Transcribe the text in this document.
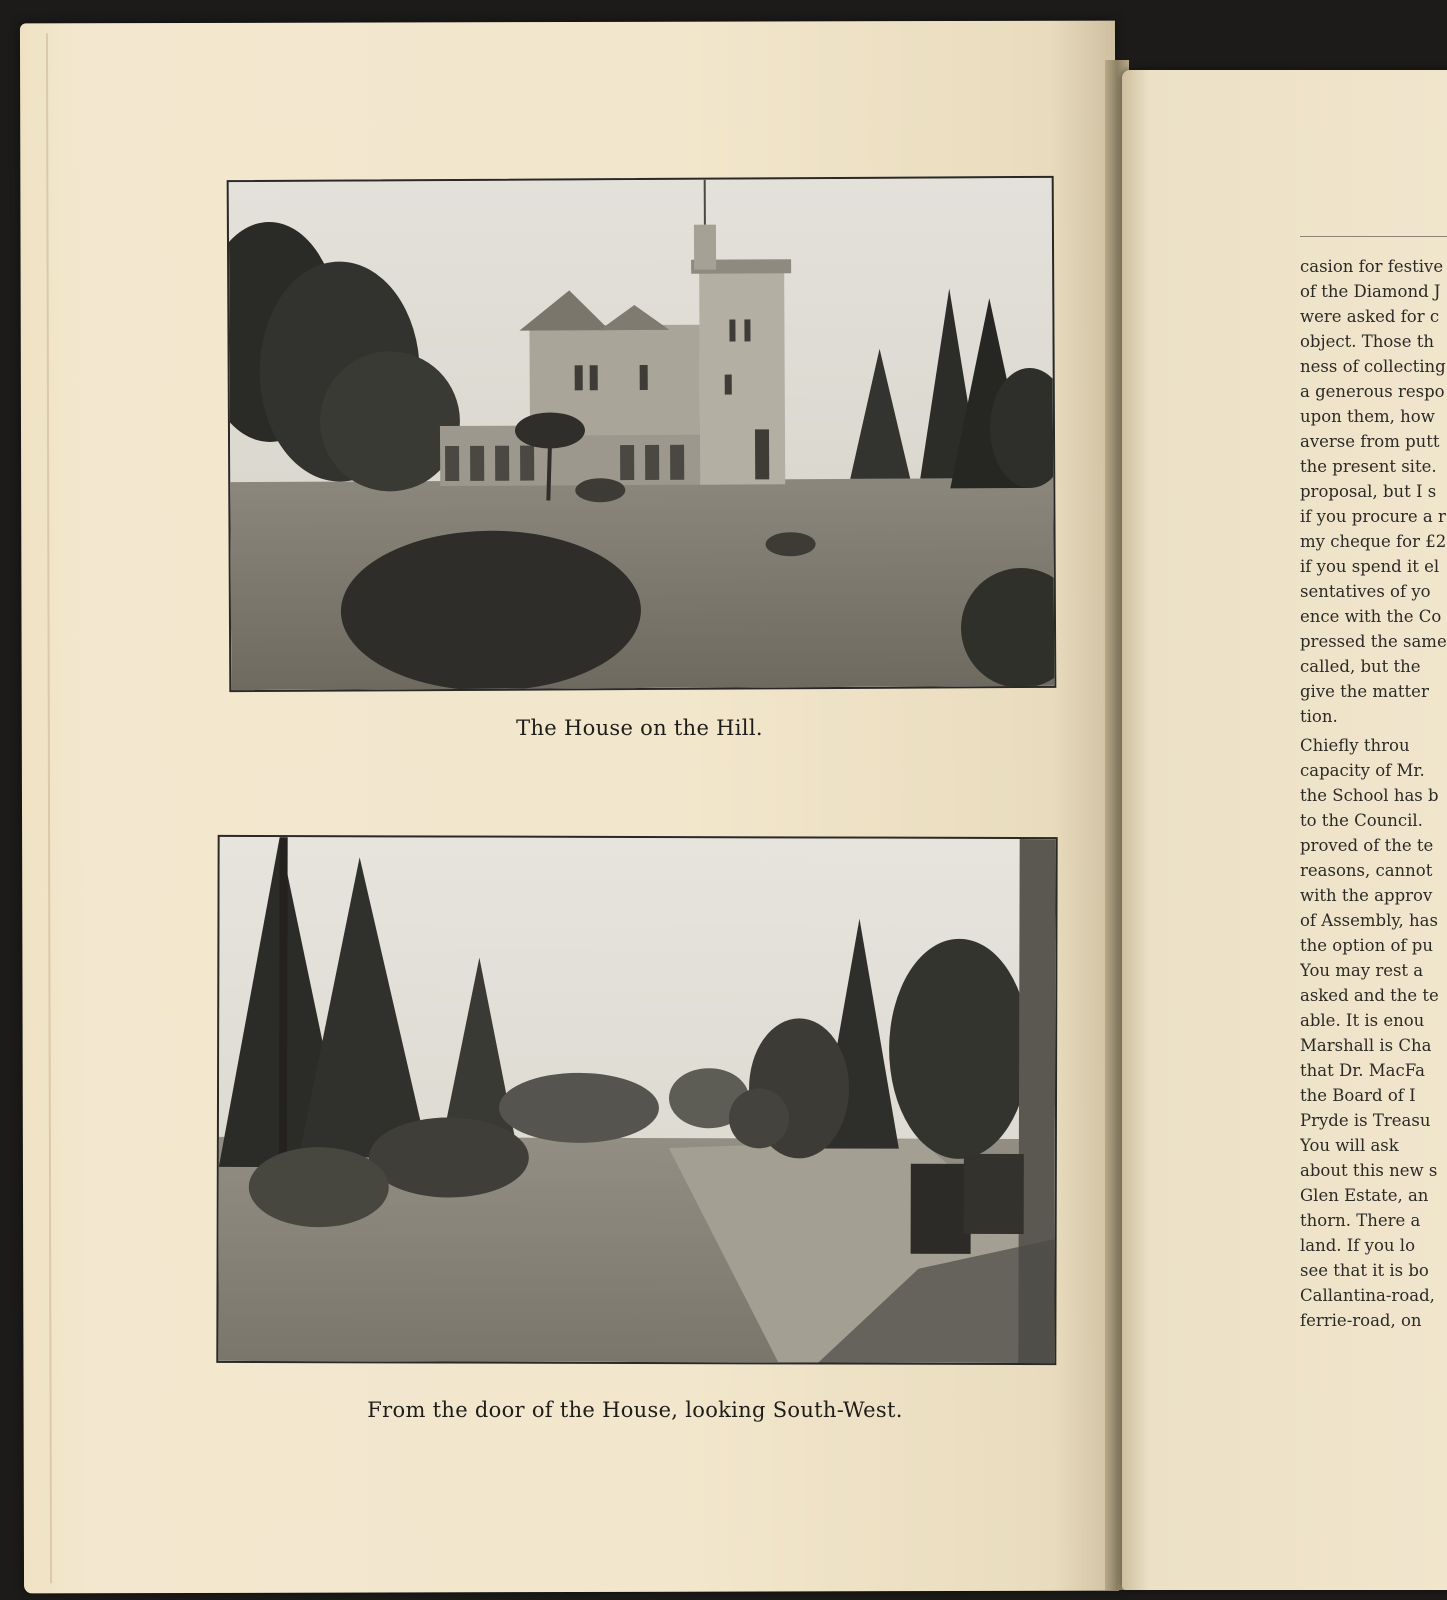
The House on the Hill.
From the door of the House, looking South-West.
casion for festive
of the Diamond J
were asked for c
object. Those th
ness of collecting
a generous respo
upon them, how
averse from putt
the present site.
proposal, but I s
if you procure a r
my cheque for £2
if you spend it el
sentatives of yo
ence with the Co
pressed the same
called, but the
give the matter
tion.
Chiefly throu
capacity of Mr.
the School has b
to the Council.
proved of the te
reasons, cannot
with the approv
of Assembly, has
the option of pu
You may rest a
asked and the te
able. It is enou
Marshall is Cha
that Dr. MacFa
the Board of I
Pryde is Treasu
You will ask
about this new s
Glen Estate, an
thorn. There a
land. If you lo
see that it is bo
Callantina-road,
ferrie-road, on
